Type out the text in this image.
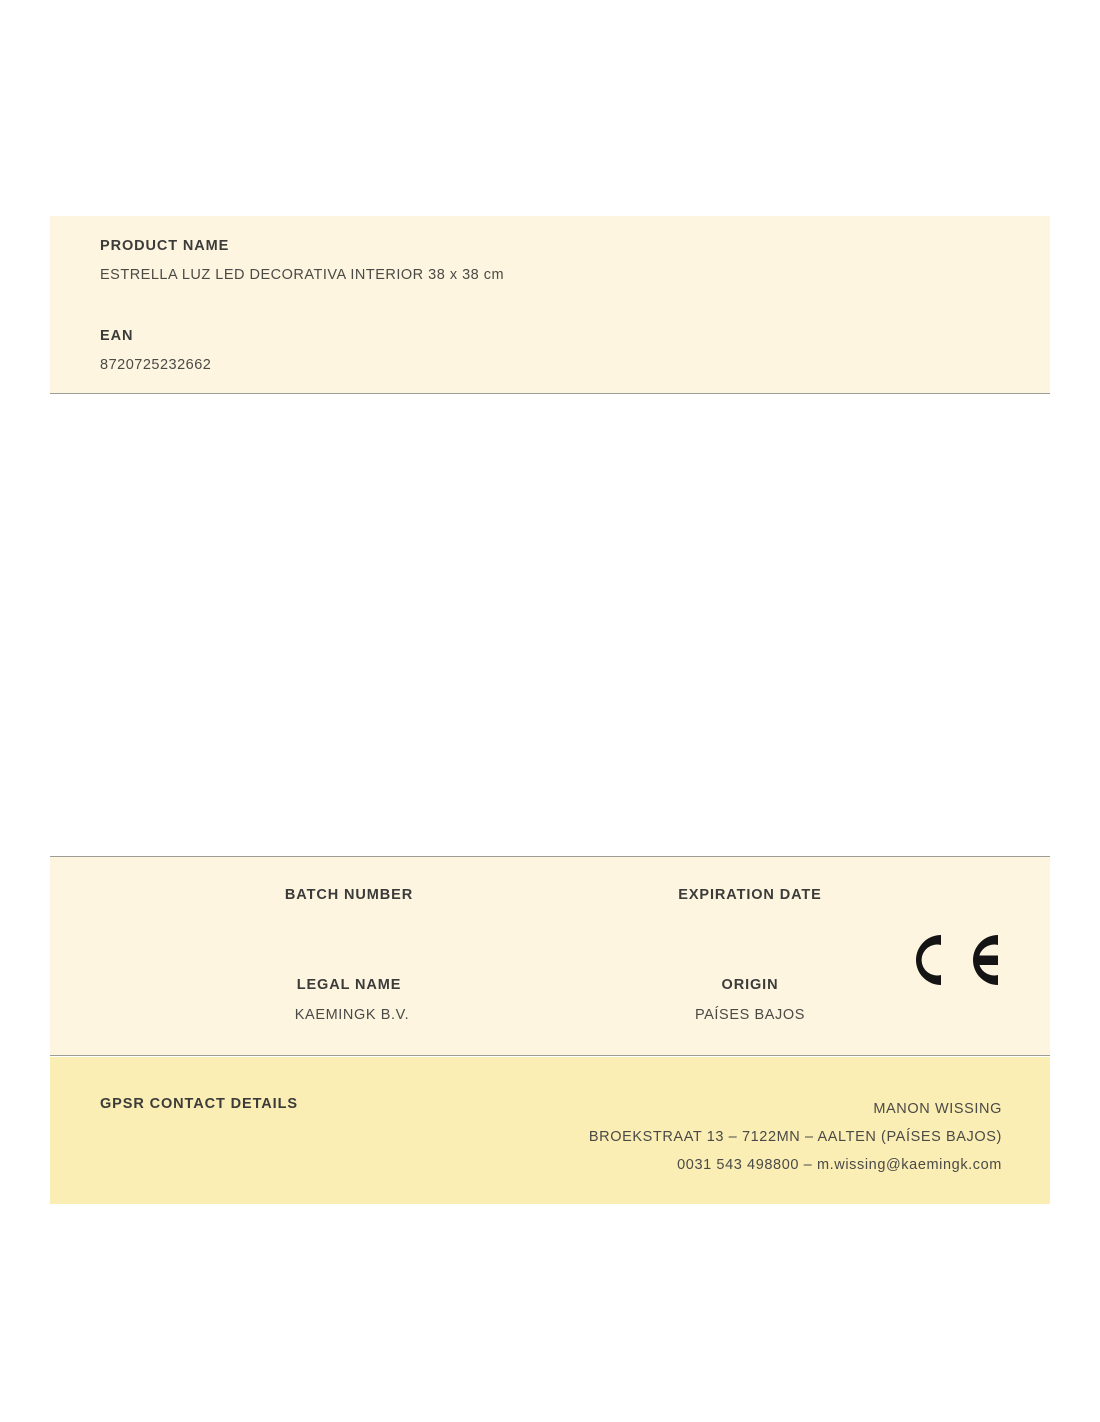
PRODUCT NAME
ESTRELLA LUZ LED DECORATIVA INTERIOR 38 x 38 cm
EAN
8720725232662
BATCH NUMBER	EXPIRATION DATE
LEGAL NAME
KAEMINGK B.V.
ORIGIN
PAÍSES BAJOS
GPSR CONTACT DETAILS	MANON WISSING
BROEKSTRAAT 13 – 7122MN – AALTEN (PAÍSES BAJOS)
0031 543 498800 – m.wissing@kaemingk.com
